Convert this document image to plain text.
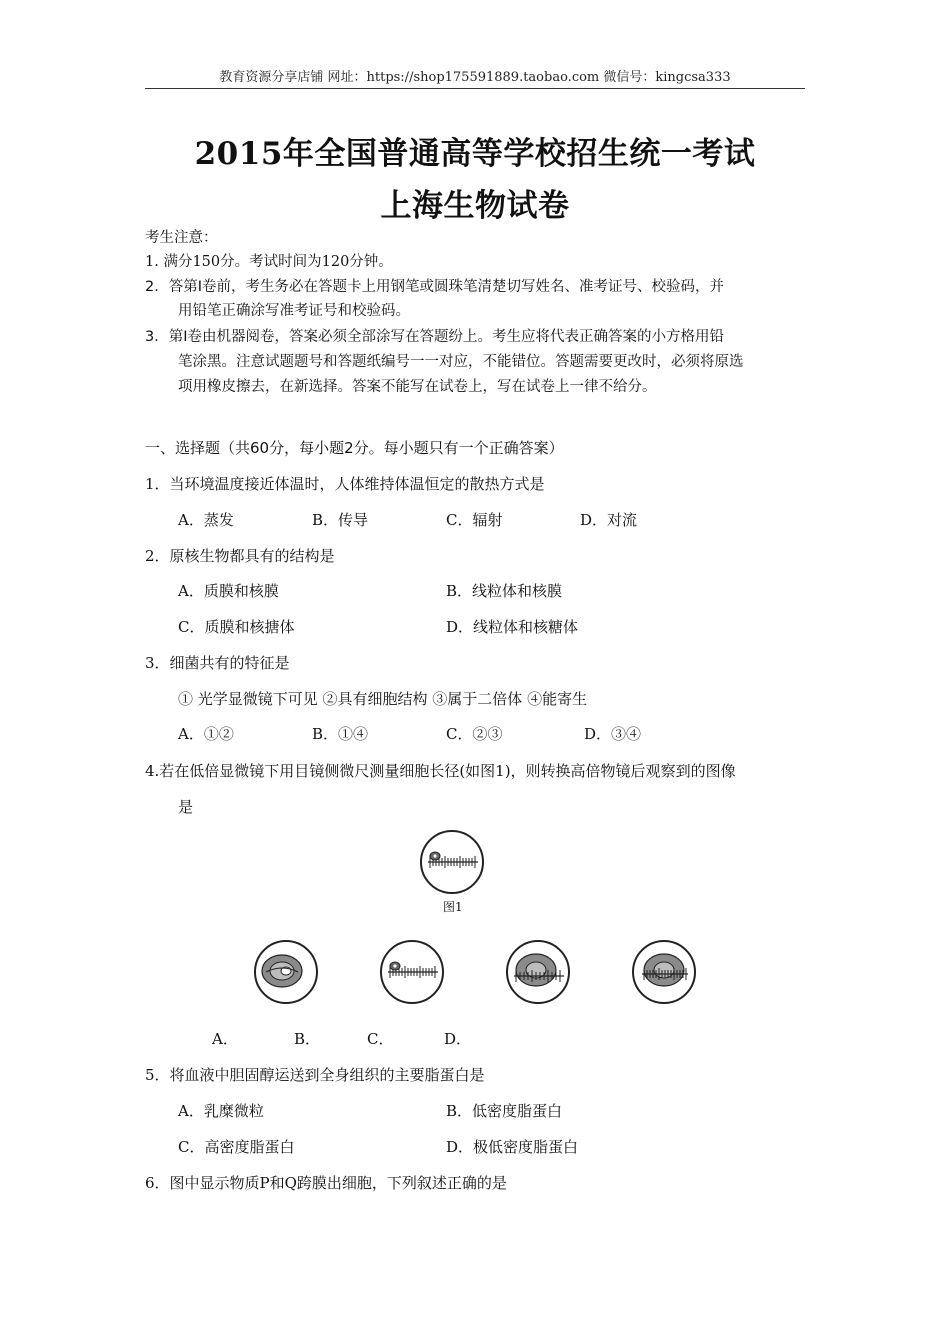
教育资源分享店铺 网址：https://shop175591889.taobao.com 微信号：kingcsa333
2015年全国普通高等学校招生统一考试
上海生物试卷
考生注意：
1. 满分150分。考试时间为120分钟。
2．答第Ⅰ卷前，考生务必在答题卡上用钢笔或圆珠笔清楚切写姓名、准考证号、校验码，并
用铅笔正确涂写准考证号和校验码。
3．第Ⅰ卷由机器阅卷，答案必须全部涂写在答题纷上。考生应将代表正确答案的小方格用铅
笔涂黑。注意试题题号和答题纸编号一一对应，不能错位。答题需要更改时，必须将原选
项用橡皮擦去，在新选择。答案不能写在试卷上，写在试卷上一律不给分。
一、选择题（共60分，每小题2分。每小题只有一个正确答案）
1．当环境温度接近体温时，人体维持体温恒定的散热方式是
A．蒸发	B．传导	C．辐射	D．对流
2．原核生物都具有的结构是
A．质膜和核膜	B．线粒体和核膜
C．质膜和核搪体	D．线粒体和核糖体
3．细菌共有的特征是
① 光学显微镜下可见 ②具有细胞结构 ③属于二倍体 ④能寄生
A．①②	B．①④	C．②③	D．③④
4.若在低倍显微镜下用目镜侧微尺测量细胞长径(如图1)，则转换高倍物镜后观察到的图像
是
图1
A．	B．	C．	D．
5．将血液中胆固醇运送到全身组织的主要脂蛋白是
A．乳糜微粒	B．低密度脂蛋白
C．高密度脂蛋白	D．极低密度脂蛋白
6．图中显示物质P和Q跨膜出细胞，下列叙述正确的是
